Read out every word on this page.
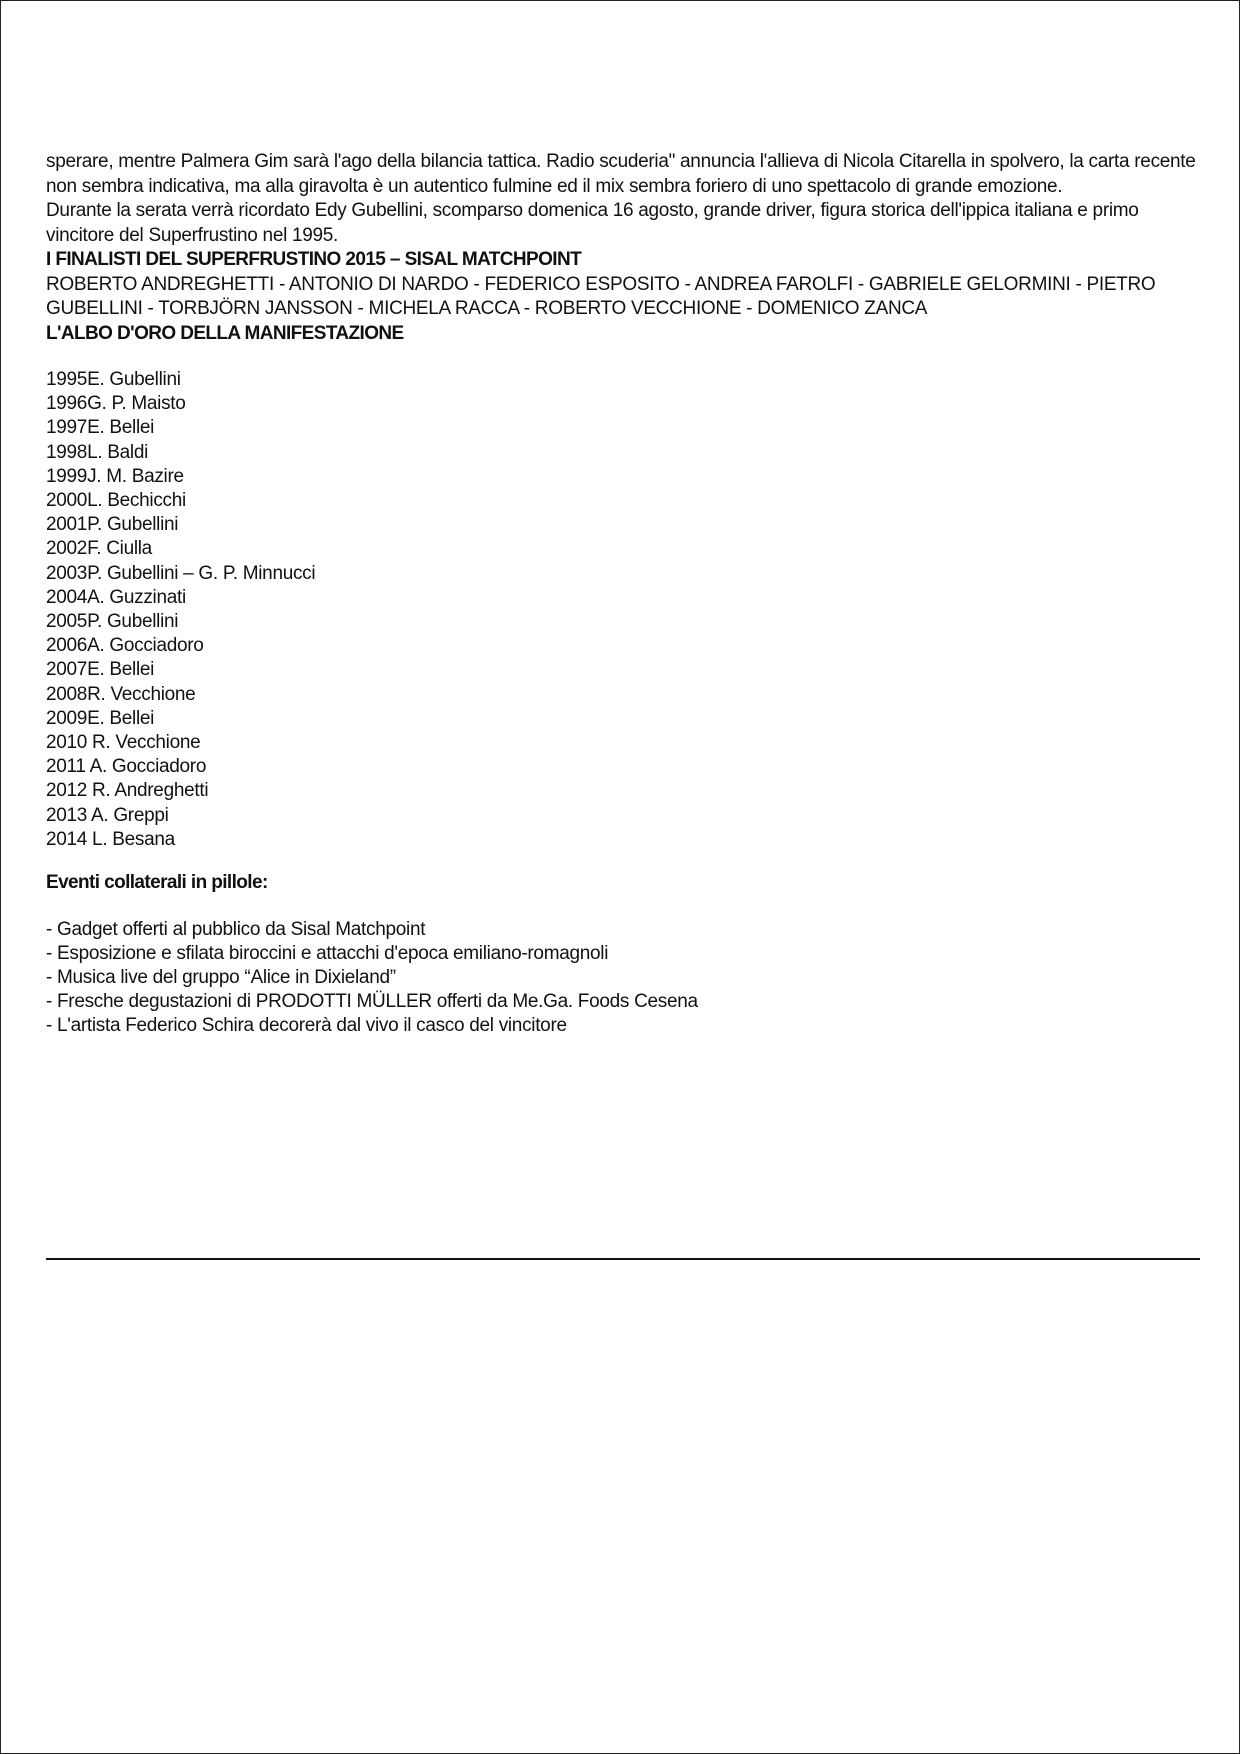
sperare, mentre Palmera Gim sarà l'ago della bilancia tattica. Radio scuderia" annuncia l'allieva di Nicola Citarella in spolvero, la carta recente non sembra indicativa, ma alla giravolta è un autentico fulmine ed il mix sembra foriero di uno spettacolo di grande emozione.

Durante la serata verrà ricordato Edy Gubellini, scomparso domenica 16 agosto, grande driver, figura storica dell'ippica italiana e primo vincitore del Superfrustino nel 1995.

I FINALISTI DEL SUPERFRUSTINO 2015 – SISAL MATCHPOINT

ROBERTO ANDREGHETTI - ANTONIO DI NARDO - FEDERICO ESPOSITO - ANDREA FAROLFI - GABRIELE GELORMINI - PIETRO GUBELLINI - TORBJÖRN JANSSON - MICHELA RACCA - ROBERTO VECCHIONE - DOMENICO ZANCA

L'ALBO D'ORO DELLA MANIFESTAZIONE

1995E. Gubellini
1996G. P. Maisto
1997E. Bellei
1998L. Baldi
1999J. M. Bazire
2000L. Bechicchi
2001P. Gubellini
2002F. Ciulla
2003P. Gubellini – G. P. Minnucci
2004A. Guzzinati
2005P. Gubellini
2006A. Gocciadoro
2007E. Bellei
2008R. Vecchione
2009E. Bellei
2010 R. Vecchione
2011 A. Gocciadoro
2012 R. Andreghetti
2013 A. Greppi
2014 L. Besana

Eventi collaterali in pillole:

- Gadget offerti al pubblico da Sisal Matchpoint
- Esposizione e sfilata biroccini e attacchi d'epoca emiliano-romagnoli
- Musica live del gruppo “Alice in Dixieland”
- Fresche degustazioni di PRODOTTI MÜLLER offerti da Me.Ga. Foods Cesena
- L'artista Federico Schira decorerà dal vivo il casco del vincitore
